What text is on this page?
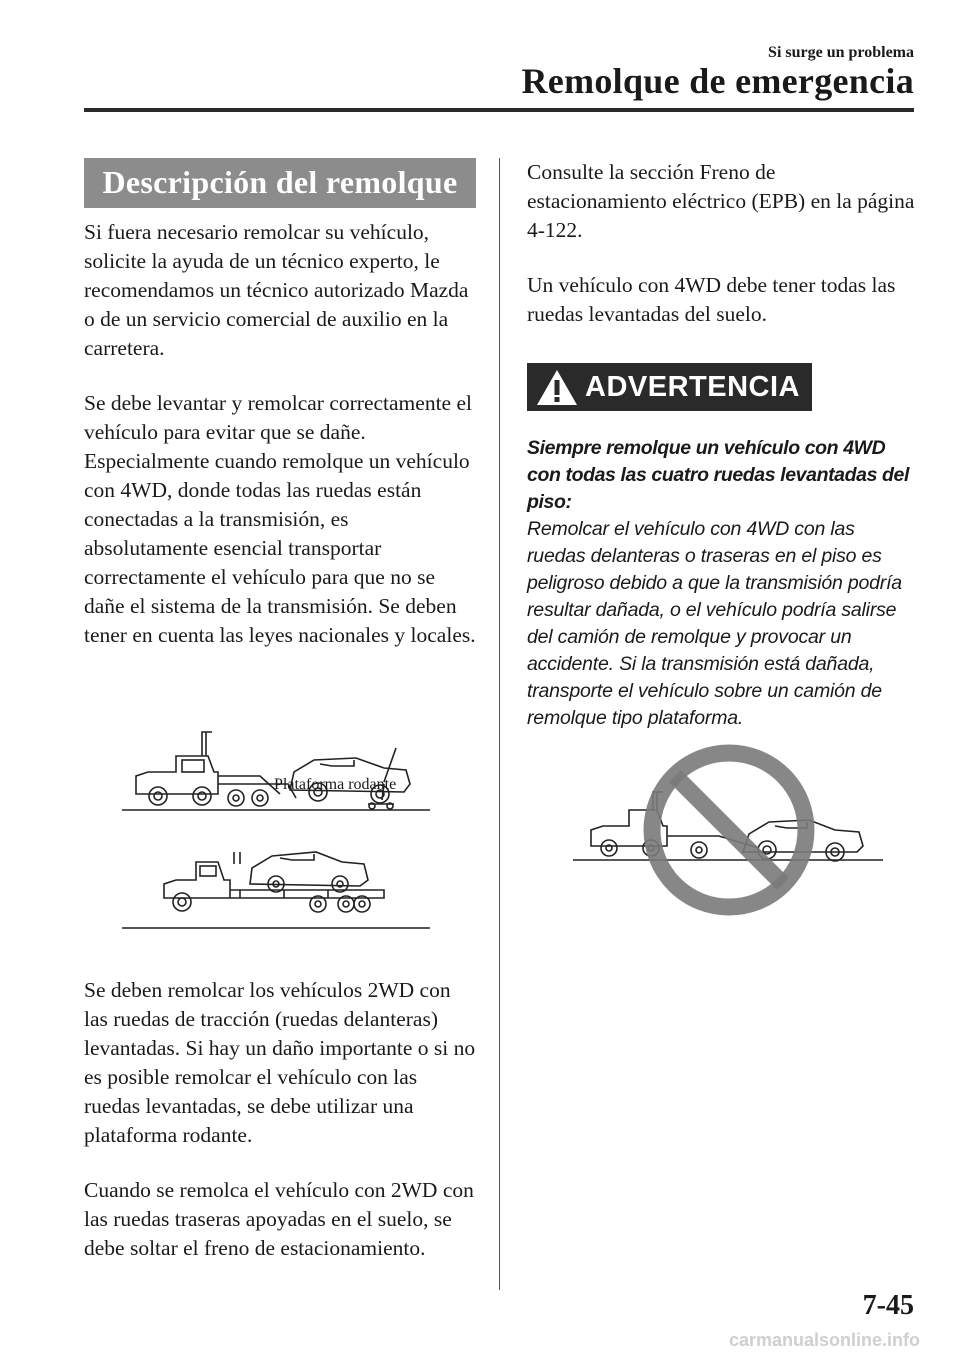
Si surge un problema
Remolque de emergencia
Descripción del remolque

Si fuera necesario remolcar su vehículo, solicite la ayuda de un técnico experto, le recomendamos un técnico autorizado Mazda o de un servicio comercial de auxilio en la carretera.

Se debe levantar y remolcar correctamente el vehículo para evitar que se dañe. Especialmente cuando remolque un vehículo con 4WD, donde todas las ruedas están conectadas a la transmisión, es absolutamente esencial transportar correctamente el vehículo para que no se dañe el sistema de la transmisión. Se deben tener en cuenta las leyes nacionales y locales.

Plataforma rodante

Se deben remolcar los vehículos 2WD con las ruedas de tracción (ruedas delanteras) levantadas. Si hay un daño importante o si no es posible remolcar el vehículo con las ruedas levantadas, se debe utilizar una plataforma rodante.

Cuando se remolca el vehículo con 2WD con las ruedas traseras apoyadas en el suelo, se debe soltar el freno de estacionamiento.

Consulte la sección Freno de estacionamiento eléctrico (EPB) en la página 4-122.

Un vehículo con 4WD debe tener todas las ruedas levantadas del suelo.

ADVERTENCIA
Siempre remolque un vehículo con 4WD con todas las cuatro ruedas levantadas del piso:
Remolcar el vehículo con 4WD con las ruedas delanteras o traseras en el piso es peligroso debido a que la transmisión podría resultar dañada, o el vehículo podría salirse del camión de remolque y provocar un accidente. Si la transmisión está dañada, transporte el vehículo sobre un camión de remolque tipo plataforma.
7-45
carmanualsonline.info
